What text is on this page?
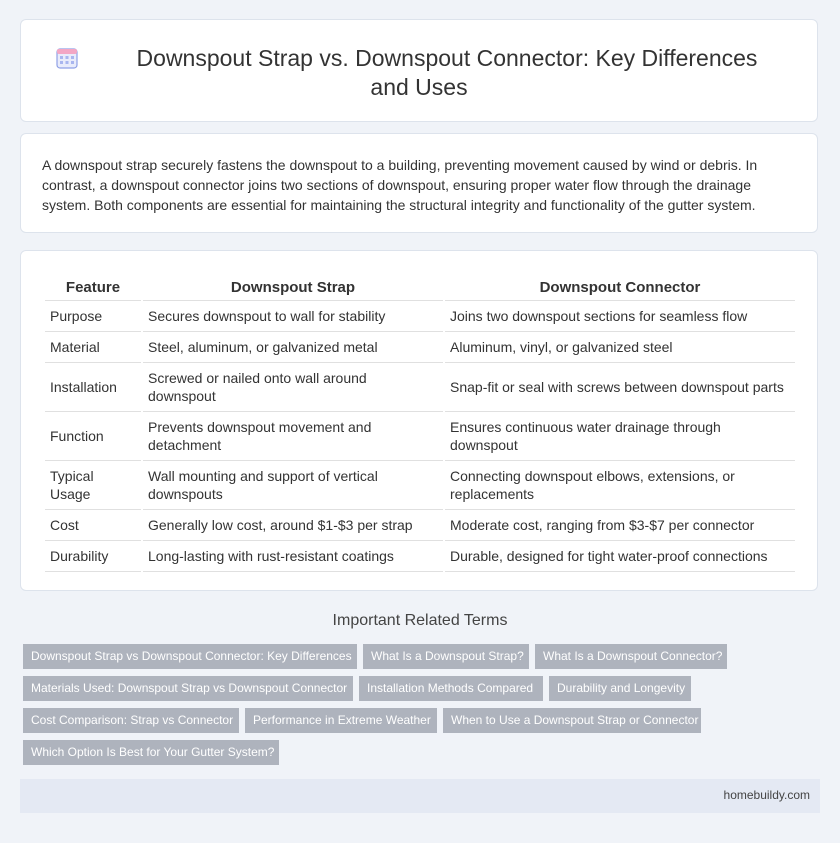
Downspout Strap vs. Downspout Connector: Key Differences and Uses

A downspout strap securely fastens the downspout to a building, preventing movement caused by wind or debris. In contrast, a downspout connector joins two sections of downspout, ensuring proper water flow through the drainage system. Both components are essential for maintaining the structural integrity and functionality of the gutter system.

Feature	Downspout Strap	Downspout Connector
Purpose	Secures downspout to wall for stability	Joins two downspout sections for seamless flow
Material	Steel, aluminum, or galvanized metal	Aluminum, vinyl, or galvanized steel
Installation	Screwed or nailed onto wall around downspout	Snap-fit or seal with screws between downspout parts
Function	Prevents downspout movement and detachment	Ensures continuous water drainage through downspout
Typical Usage	Wall mounting and support of vertical downspouts	Connecting downspout elbows, extensions, or replacements
Cost	Generally low cost, around $1-$3 per strap	Moderate cost, ranging from $3-$7 per connector
Durability	Long-lasting with rust-resistant coatings	Durable, designed for tight water-proof connections
Important Related Terms
Downspout Strap vs Downspout Connector: Key Differences	What Is a Downspout Strap?	What Is a Downspout Connector?
Materials Used: Downspout Strap vs Downspout Connector	Installation Methods Compared	Durability and Longevity
Cost Comparison: Strap vs Connector	Performance in Extreme Weather	When to Use a Downspout Strap or Connector
Which Option Is Best for Your Gutter System?
homebuildy.com
